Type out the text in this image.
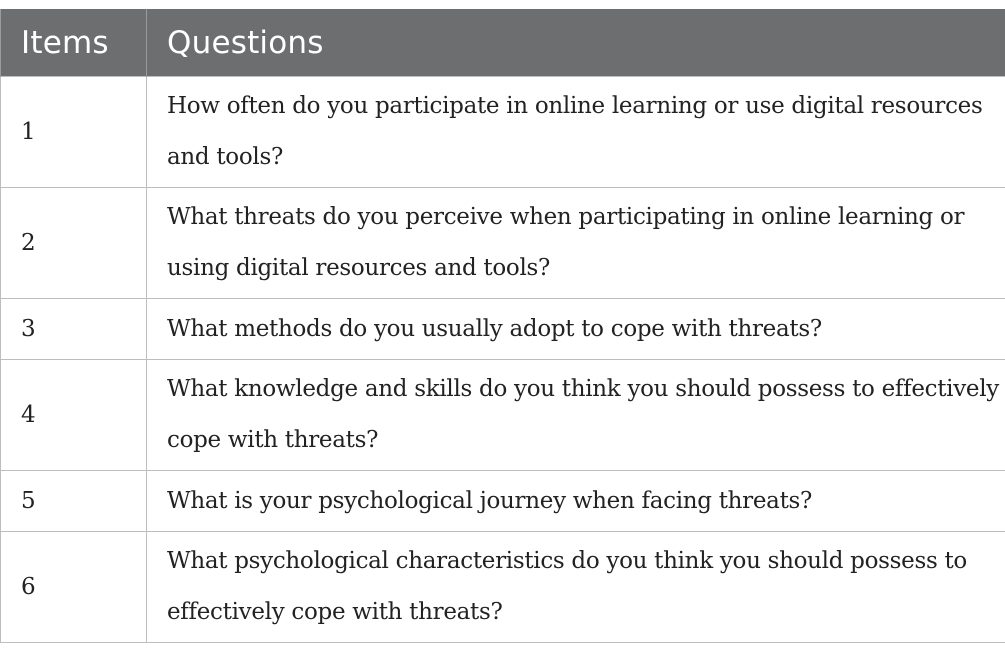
Items	Questions
1	How often do you participate in online learning or use digital resources and tools?
2	What threats do you perceive when participating in online learning or using digital resources and tools?
3	What methods do you usually adopt to cope with threats?
4	What knowledge and skills do you think you should possess to effectively cope with threats?
5	What is your psychological journey when facing threats?
6	What psychological characteristics do you think you should possess to effectively cope with threats?
